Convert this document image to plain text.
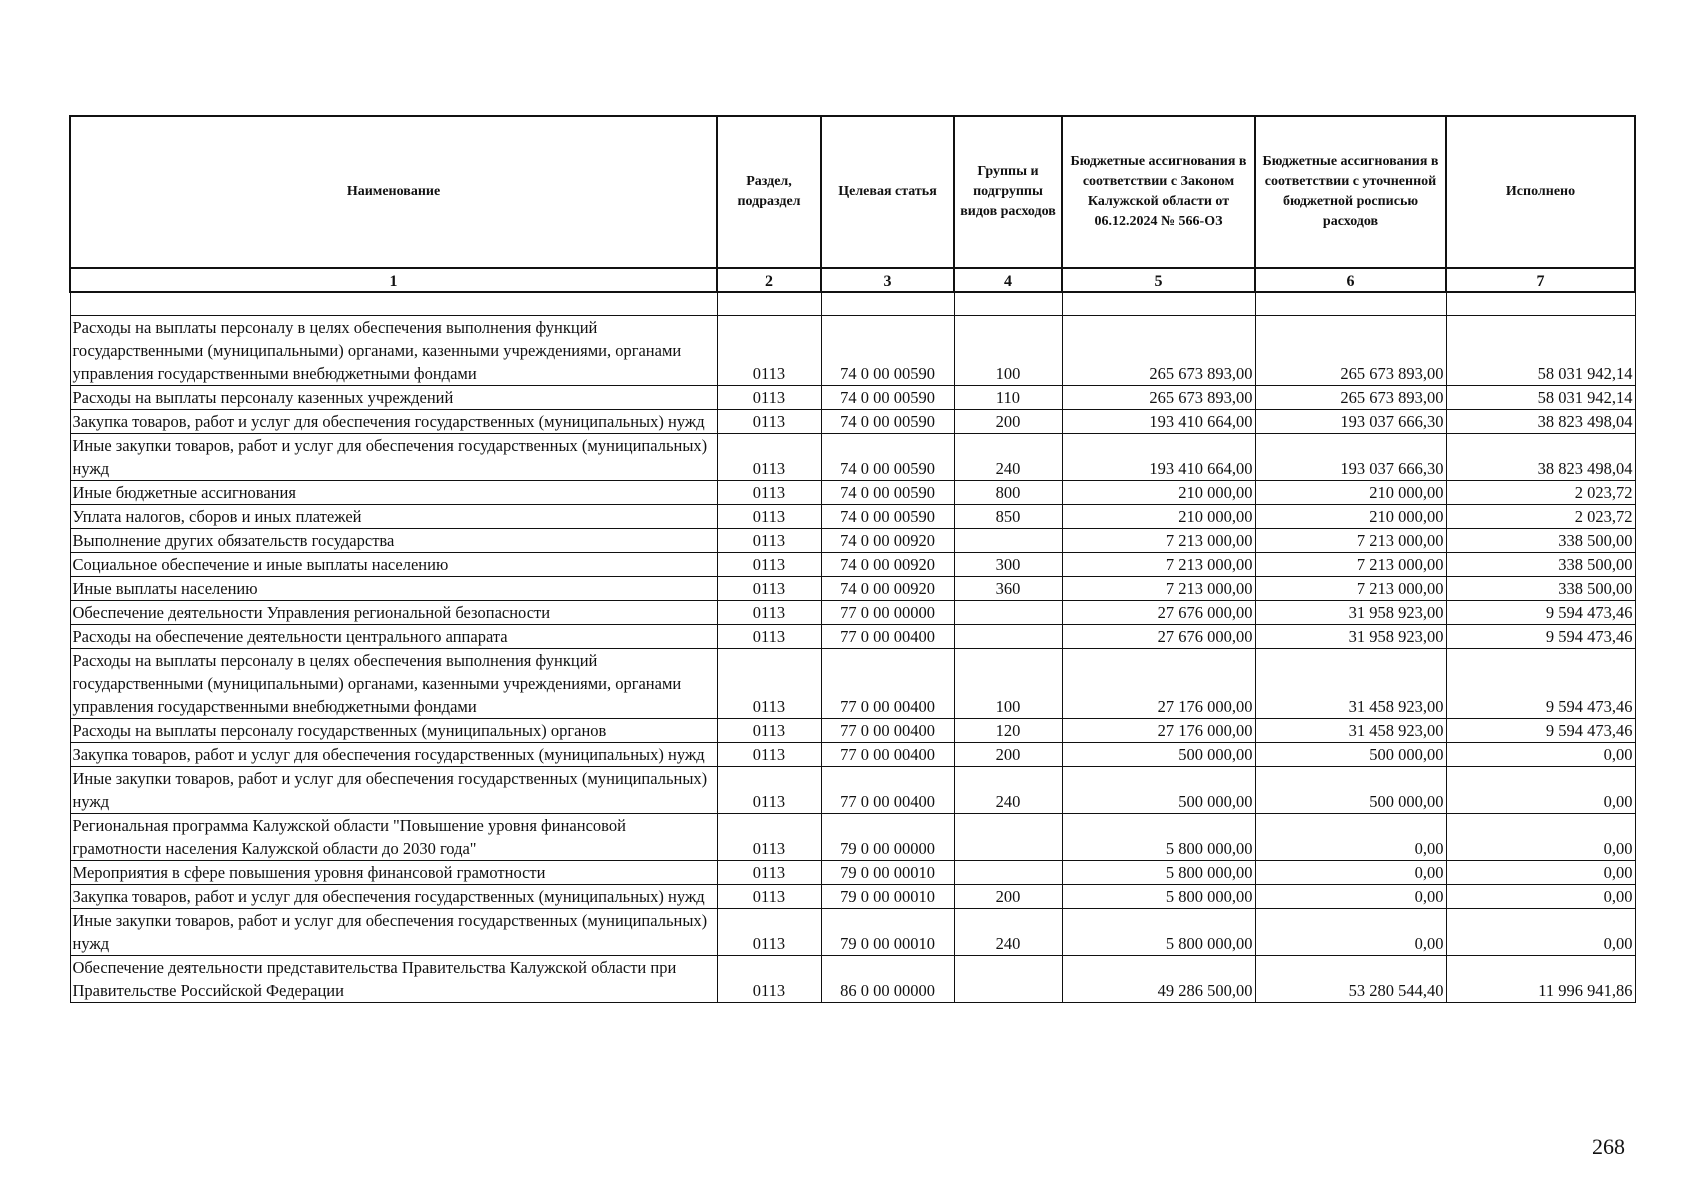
Наименование	Раздел, подраздел	Целевая статья	Группы и подгруппы видов расходов	Бюджетные ассигнования в соответствии с Законом Калужской области от 06.12.2024 № 566-ОЗ	Бюджетные ассигнования в соответствии с уточненной бюджетной росписью расходов	Исполнено
1	2	3	4	5	6	7

Расходы на выплаты персоналу в целях обеспечения выполнения функций государственными (муниципальными) органами, казенными учреждениями, органами управления государственными внебюджетными фондами	0113	74 0 00 00590	100	265 673 893,00	265 673 893,00	58 031 942,14
Расходы на выплаты персоналу казенных учреждений	0113	74 0 00 00590	110	265 673 893,00	265 673 893,00	58 031 942,14
Закупка товаров, работ и услуг для обеспечения государственных (муниципальных) нужд	0113	74 0 00 00590	200	193 410 664,00	193 037 666,30	38 823 498,04
Иные закупки товаров, работ и услуг для обеспечения государственных (муниципальных) нужд	0113	74 0 00 00590	240	193 410 664,00	193 037 666,30	38 823 498,04
Иные бюджетные ассигнования	0113	74 0 00 00590	800	210 000,00	210 000,00	2 023,72
Уплата налогов, сборов и иных платежей	0113	74 0 00 00590	850	210 000,00	210 000,00	2 023,72
Выполнение других обязательств государства	0113	74 0 00 00920		7 213 000,00	7 213 000,00	338 500,00
Социальное обеспечение и иные выплаты населению	0113	74 0 00 00920	300	7 213 000,00	7 213 000,00	338 500,00
Иные выплаты населению	0113	74 0 00 00920	360	7 213 000,00	7 213 000,00	338 500,00
Обеспечение деятельности Управления региональной безопасности	0113	77 0 00 00000		27 676 000,00	31 958 923,00	9 594 473,46
Расходы на обеспечение деятельности центрального аппарата	0113	77 0 00 00400		27 676 000,00	31 958 923,00	9 594 473,46
Расходы на выплаты персоналу в целях обеспечения выполнения функций государственными (муниципальными) органами, казенными учреждениями, органами управления государственными внебюджетными фондами	0113	77 0 00 00400	100	27 176 000,00	31 458 923,00	9 594 473,46
Расходы на выплаты персоналу государственных (муниципальных) органов	0113	77 0 00 00400	120	27 176 000,00	31 458 923,00	9 594 473,46
Закупка товаров, работ и услуг для обеспечения государственных (муниципальных) нужд	0113	77 0 00 00400	200	500 000,00	500 000,00	0,00
Иные закупки товаров, работ и услуг для обеспечения государственных (муниципальных) нужд	0113	77 0 00 00400	240	500 000,00	500 000,00	0,00
Региональная программа Калужской области "Повышение уровня финансовой грамотности населения Калужской области до 2030 года"	0113	79 0 00 00000		5 800 000,00	0,00	0,00
Мероприятия в сфере повышения уровня финансовой грамотности	0113	79 0 00 00010		5 800 000,00	0,00	0,00
Закупка товаров, работ и услуг для обеспечения государственных (муниципальных) нужд	0113	79 0 00 00010	200	5 800 000,00	0,00	0,00
Иные закупки товаров, работ и услуг для обеспечения государственных (муниципальных) нужд	0113	79 0 00 00010	240	5 800 000,00	0,00	0,00
Обеспечение деятельности представительства Правительства Калужской области при Правительстве Российской Федерации	0113	86 0 00 00000		49 286 500,00	53 280 544,40	11 996 941,86
268
